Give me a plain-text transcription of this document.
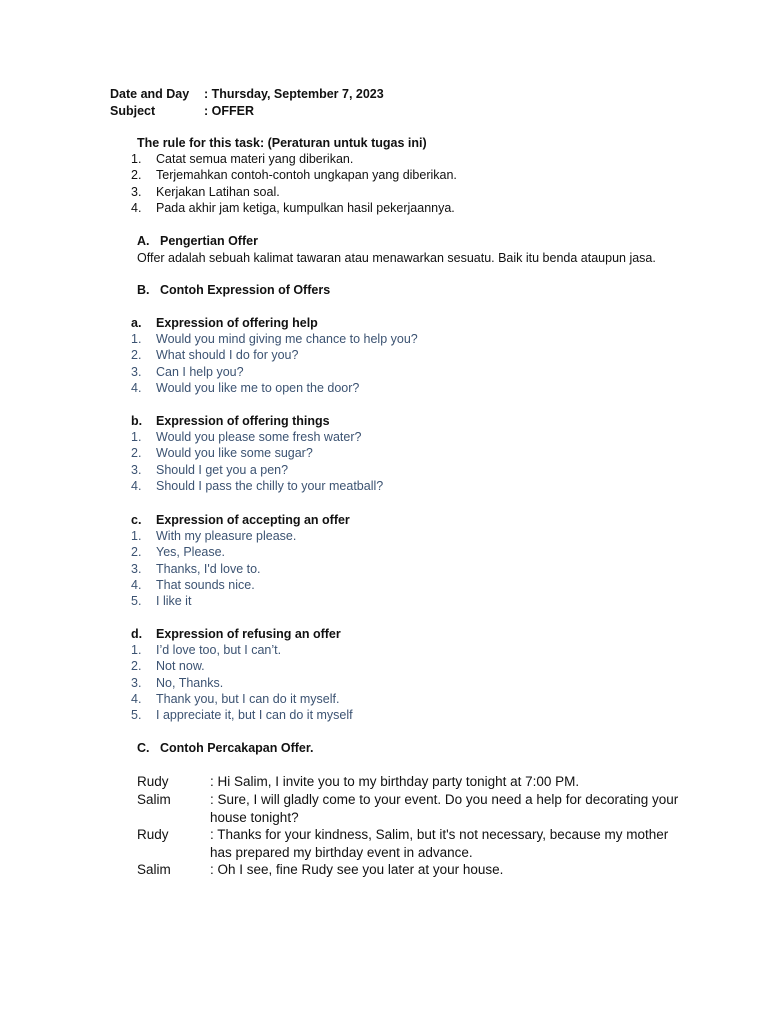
Date and Day : Thursday, September 7, 2023
Subject	: OFFER
The rule for this task: (Peraturan untuk tugas ini)
1.	Catat semua materi yang diberikan.
2.	Terjemahkan contoh-contoh ungkapan yang diberikan.
3.	Kerjakan Latihan soal.
4.	Pada akhir jam ketiga, kumpulkan hasil pekerjaannya.
A. Pengertian Offer
Offer adalah sebuah kalimat tawaran atau menawarkan sesuatu. Baik itu benda ataupun jasa.
B. Contoh Expression of Offers
a. Expression of offering help
1.	Would you mind giving me chance to help you?
2.	What should I do for you?
3.	Can I help you?
4.	Would you like me to open the door?
b. Expression of offering things
1.	Would you please some fresh water?
2.	Would you like some sugar?
3.	Should I get you a pen?
4.	Should I pass the chilly to your meatball?
c. Expression of accepting an offer
1.	With my pleasure please.
2.	Yes, Please.
3.	Thanks, I'd love to.
4.	That sounds nice.
5.	I like it
d. Expression of refusing an offer
1.	I’d love too, but I can’t.
2.	Not now.
3.	No, Thanks.
4.	Thank you, but I can do it myself.
5.	I appreciate it, but I can do it myself
C. Contoh Percakapan Offer.
Rudy	: Hi Salim, I invite you to my birthday party tonight at 7:00 PM.
Salim	: Sure, I will gladly come to your event. Do you need a help for decorating your house tonight?
Rudy	: Thanks for your kindness, Salim, but it's not necessary, because my mother has prepared my birthday event in advance.
Salim	: Oh I see, fine Rudy see you later at your house.
